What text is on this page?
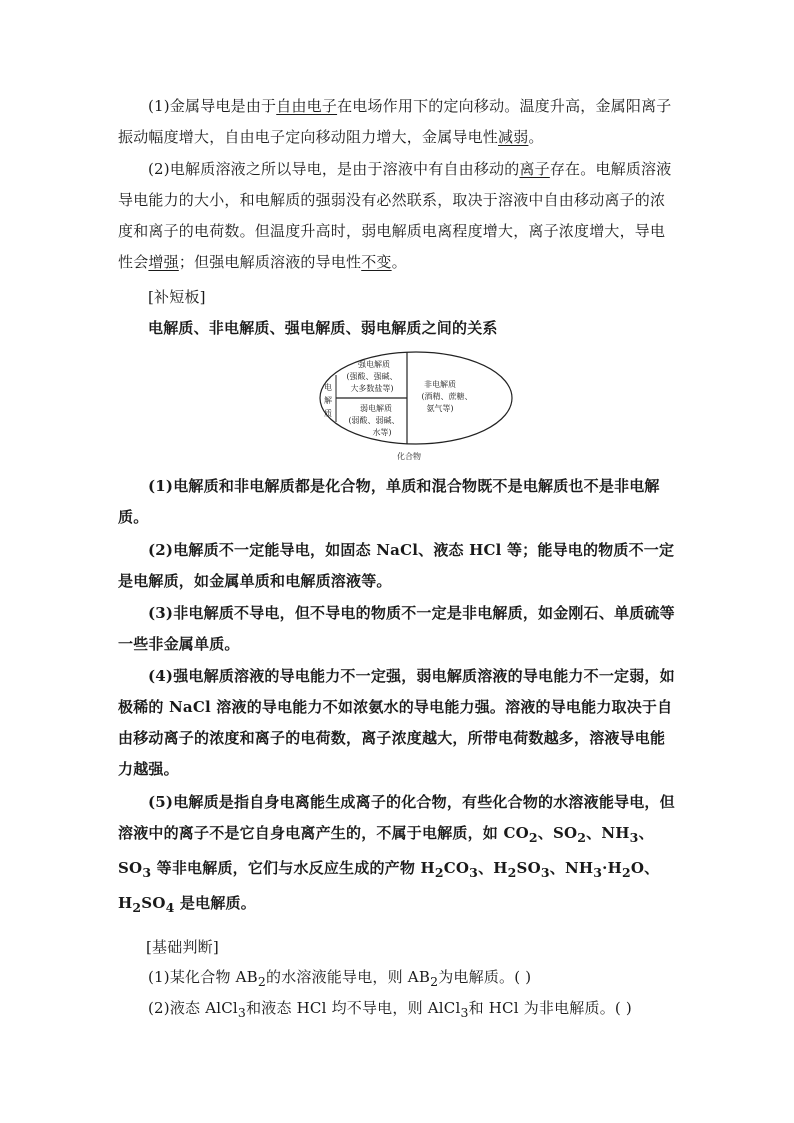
(1)金属导电是由于自由电子在电场作用下的定向移动。温度升高，金属阳离子振动幅度增大，自由电子定向移动阻力增大，金属导电性减弱。

(2)电解质溶液之所以导电，是由于溶液中有自由移动的离子存在。电解质溶液导电能力的大小，和电解质的强弱没有必然联系，取决于溶液中自由移动离子的浓度和离子的电荷数。但温度升高时，弱电解质电离程度增大，离子浓度增大，导电性会增强；但强电解质溶液的导电性不变。

[补短板]

电解质、非电解质、强电解质、弱电解质之间的关系

电
解
质
强电解质
(强酸、强碱、
大多数盐等)
弱电解质
(弱酸、弱碱、
水等)
非电解质
(酒精、蔗糖、
氨气等)
化合物

(1)电解质和非电解质都是化合物，单质和混合物既不是电解质也不是非电解质。

(2)电解质不一定能导电，如固态 NaCl、液态 HCl 等；能导电的物质不一定是电解质，如金属单质和电解质溶液等。

(3)非电解质不导电，但不导电的物质不一定是非电解质，如金刚石、单质硫等一些非金属单质。

(4)强电解质溶液的导电能力不一定强，弱电解质溶液的导电能力不一定弱，如极稀的 NaCl 溶液的导电能力不如浓氨水的导电能力强。溶液的导电能力取决于自由移动离子的浓度和离子的电荷数，离子浓度越大，所带电荷数越多，溶液导电能力越强。

(5)电解质是指自身电离能生成离子的化合物，有些化合物的水溶液能导电，但溶液中的离子不是它自身电离产生的，不属于电解质，如 $CO_2$、$SO_2$、$NH_3$、$SO_3$ 等非电解质，它们与水反应生成的产物 $H_2CO_3$、$H_2SO_3$、$NH_3\cdot H_2O$、$H_2SO_4$ 是电解质。

[基础判断]

(1)某化合物 $AB_2$的水溶液能导电，则 $AB_2$为电解质。( )

(2)液态 AlCl$_3$和液态 HCl 均不导电，则 AlCl$_3$和 HCl 为非电解质。( )
